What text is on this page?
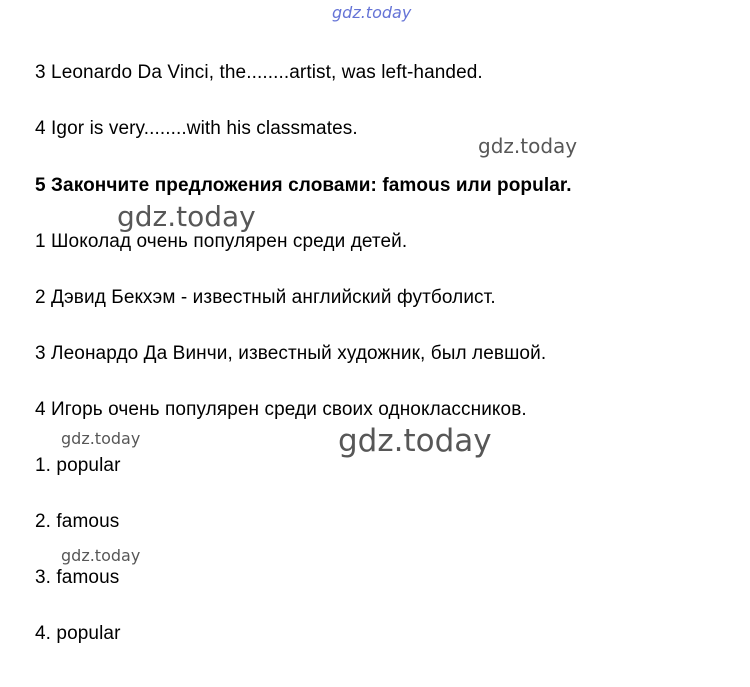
gdz.today
3 Leonardo Da Vinci, the........artist, was left-handed.
4 Igor is very........with his classmates.
gdz.today
5 Закончите предложения словами: famous или popular.
gdz.today
1 Шоколад очень популярен среди детей.
2 Дэвид Бекхэм - известный английский футболист.
3 Леонардо Да Винчи, известный художник, был левшой.
4 Игорь очень популярен среди своих одноклассников.
gdz.today	gdz.today
1. popular
2. famous
gdz.today
3. famous
4. popular
